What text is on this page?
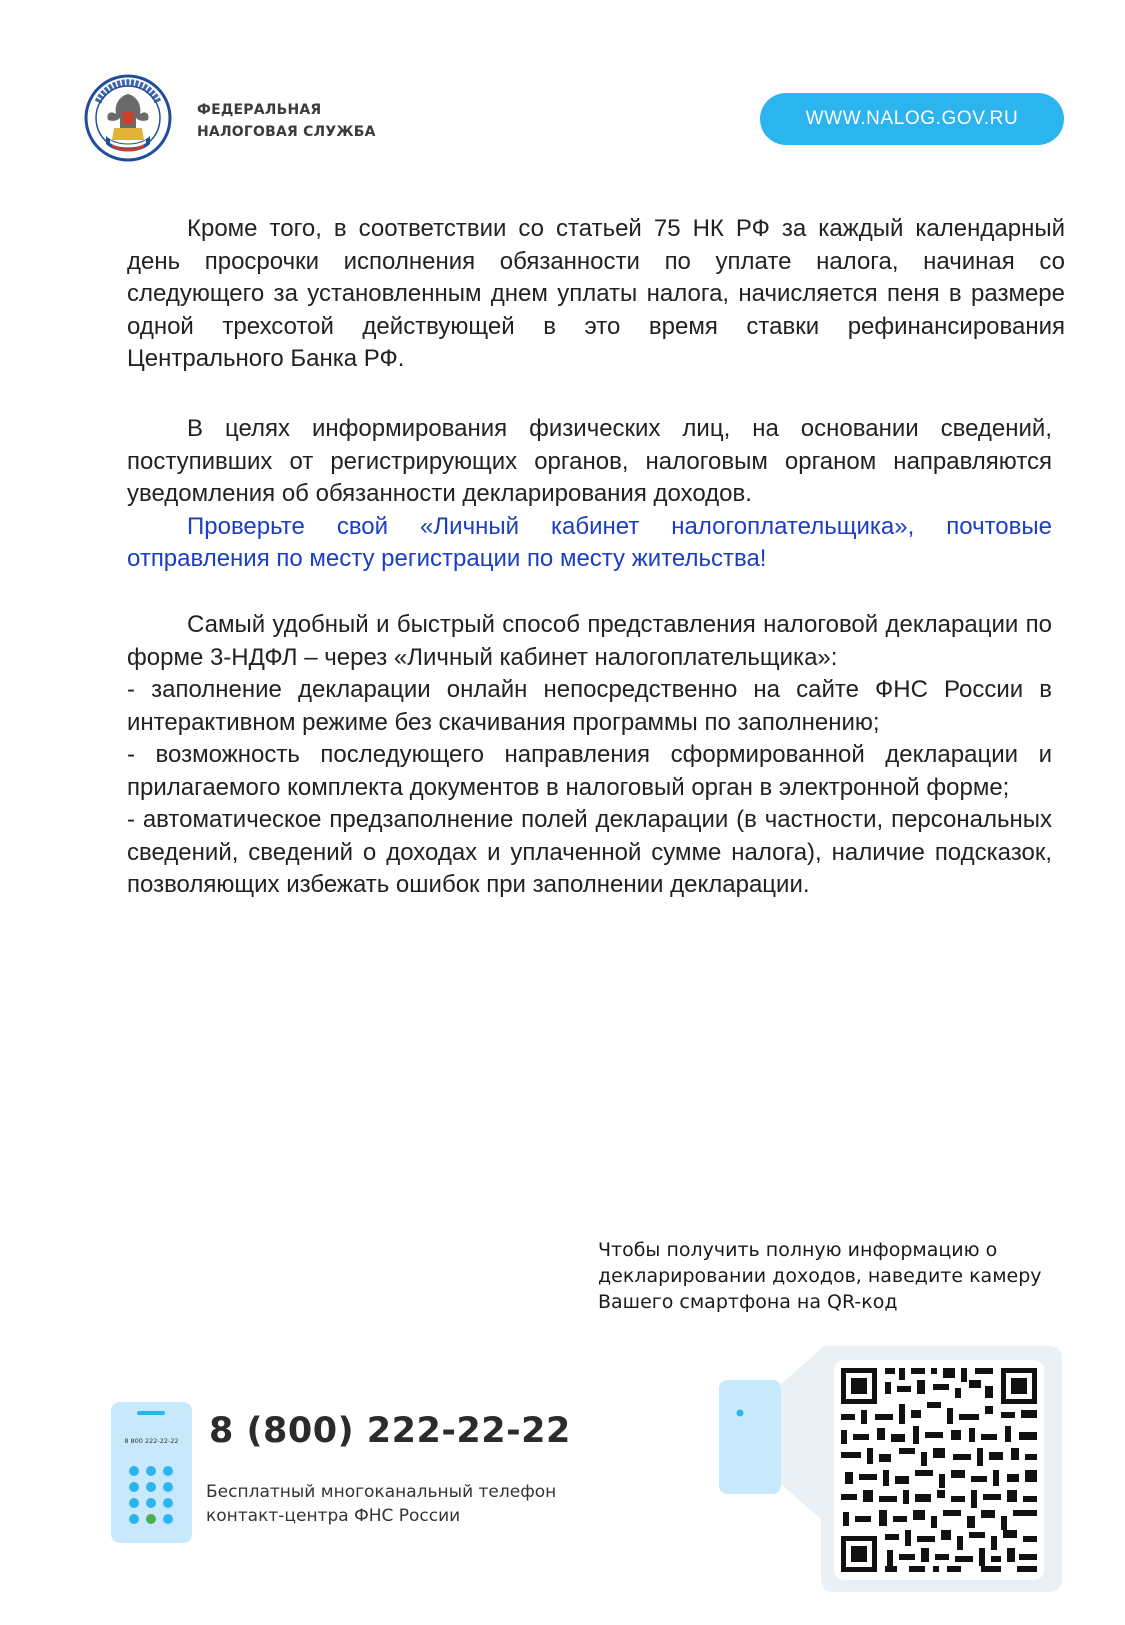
ФЕДЕРАЛЬНАЯ
НАЛОГОВАЯ СЛУЖБА
WWW.NALOG.GOV.RU

Кроме того, в соответствии со статьей 75 НК РФ за каждый календарный день просрочки исполнения обязанности по уплате налога, начиная со следующего за установленным днем уплаты налога, начисляется пеня в размере одной трехсотой действующей в это время ставки рефинансирования Центрального Банка РФ.

В целях информирования физических лиц, на основании сведений, поступивших от регистрирующих органов, налоговым органом направляются уведомления об обязанности декларирования доходов.

Проверьте свой «Личный кабинет налогоплательщика», почтовые отправления по месту регистрации по месту жительства!

Самый удобный и быстрый способ представления налоговой декларации по форме 3-НДФЛ – через «Личный кабинет налогоплательщика»:

- заполнение декларации онлайн непосредственно на сайте ФНС России в интерактивном режиме без скачивания программы по заполнению;

- возможность последующего направления сформированной декларации и прилагаемого комплекта документов в налоговый орган в электронной форме;

- автоматическое предзаполнение полей декларации (в частности, персональных сведений, сведений о доходах и уплаченной сумме налога), наличие подсказок, позволяющих избежать ошибок при заполнении декларации.

Чтобы получить полную информацию о
декларировании доходов, наведите камеру
Вашего смартфона на QR-код
8 800 222-22-22 8 (800) 222-22-22
Бесплатный многоканальный телефон
контакт-центра ФНС России
